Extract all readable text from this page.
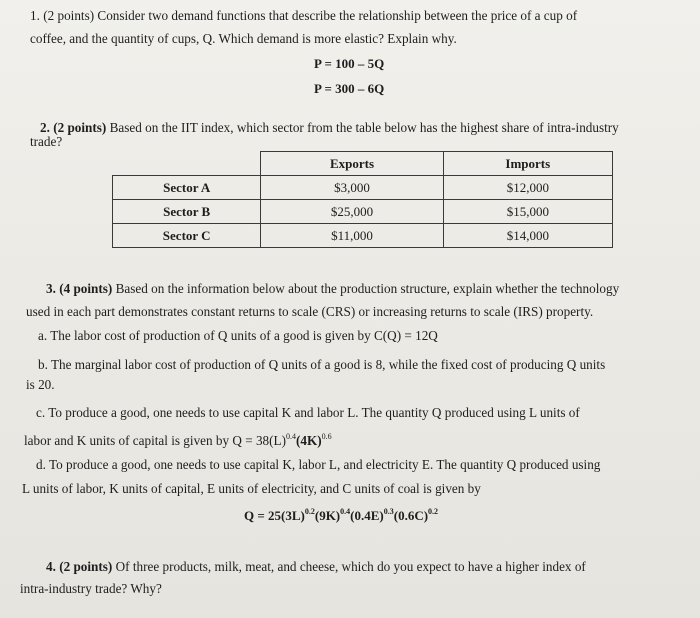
1. (2 points) Consider two demand functions that describe the relationship between the price of a cup of
coffee, and the quantity of cups, Q. Which demand is more elastic? Explain why.
P = 100 – 5Q
P = 300 – 6Q
2. (2 points) Based on the IIT index, which sector from the table below has the highest share of intra-industry
trade?
	Exports	Imports
Sector A	$3,000	$12,000
Sector B	$25,000	$15,000
Sector C	$11,000	$14,000
3. (4 points) Based on the information below about the production structure, explain whether the technology
used in each part demonstrates constant returns to scale (CRS) or increasing returns to scale (IRS) property.
a. The labor cost of production of Q units of a good is given by C(Q) = 12Q
b. The marginal labor cost of production of Q units of a good is 8, while the fixed cost of producing Q units
is 20.
c. To produce a good, one needs to use capital K and labor L. The quantity Q produced using L units of
labor and K units of capital is given by $Q = 38(L)^{0.4}(4K)^{0.6}$
d. To produce a good, one needs to use capital K, labor L, and electricity E. The quantity Q produced using
L units of labor, K units of capital, E units of electricity, and C units of coal is given by
$Q = 25(3L)^{0.2}(9K)^{0.4}(0.4E)^{0.3}(0.6C)^{0.2}$
4. (2 points) Of three products, milk, meat, and cheese, which do you expect to have a higher index of
intra-industry trade? Why?
